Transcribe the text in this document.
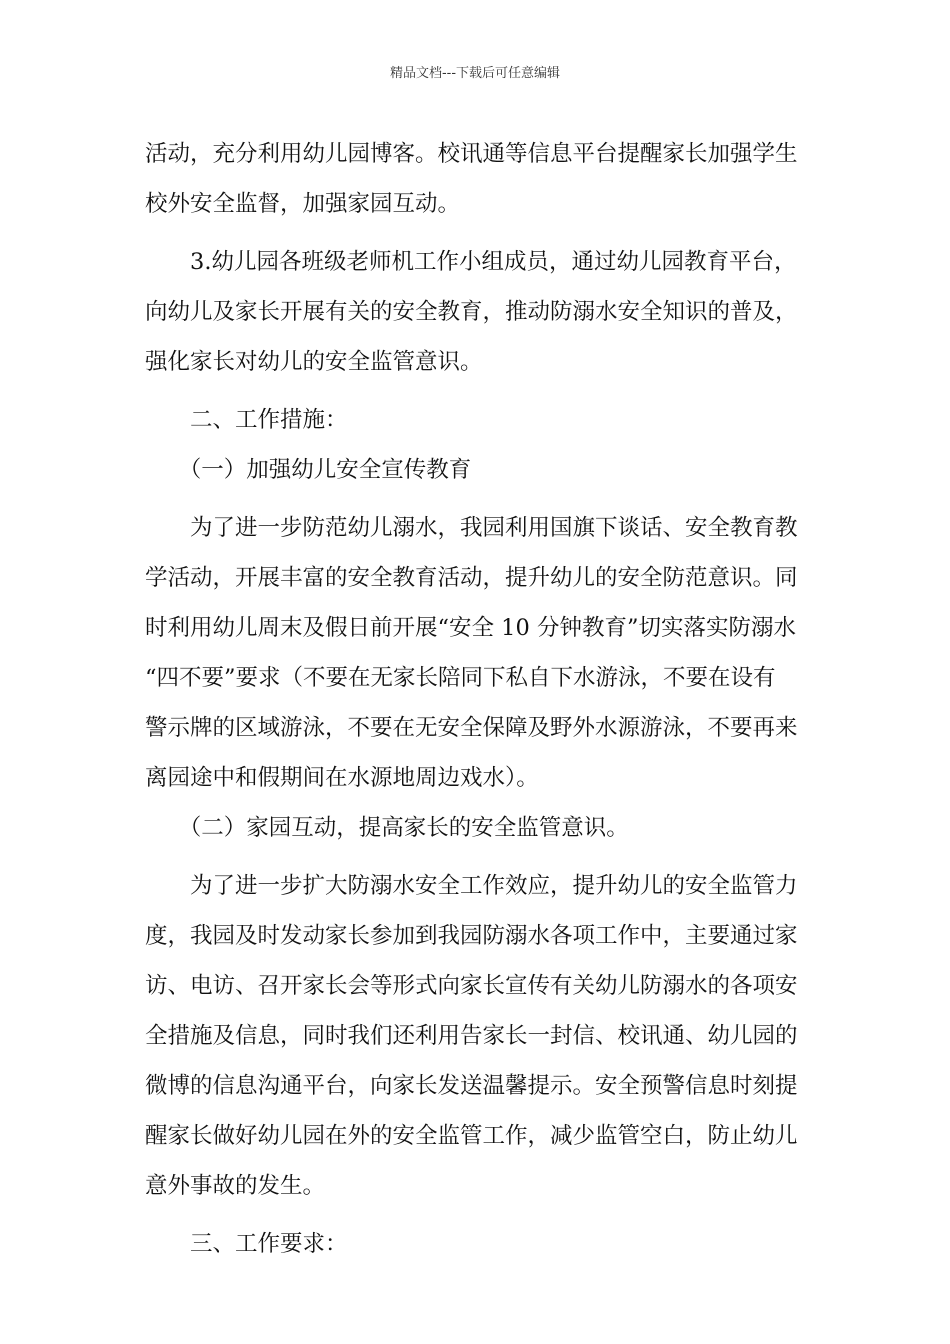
精品文档---下载后可任意编辑
活动，充分利用幼儿园博客。校讯通等信息平台提醒家长加强学生
校外安全监督，加强家园互动。
　　3.幼儿园各班级老师机工作小组成员，通过幼儿园教育平台，
向幼儿及家长开展有关的安全教育，推动防溺水安全知识的普及，
强化家长对幼儿的安全监管意识。
　　二、工作措施：
　　（一）加强幼儿安全宣传教育
　　为了进一步防范幼儿溺水，我园利用国旗下谈话、安全教育教
学活动，开展丰富的安全教育活动，提升幼儿的安全防范意识。同
时利用幼儿周末及假日前开展“安全 10 分钟教育”切实落实防溺水
“四不要”要求（不要在无家长陪同下私自下水游泳，不要在设有
警示牌的区域游泳，不要在无安全保障及野外水源游泳，不要再来
离园途中和假期间在水源地周边戏水）。
　　（二）家园互动，提高家长的安全监管意识。
　　为了进一步扩大防溺水安全工作效应，提升幼儿的安全监管力
度，我园及时发动家长参加到我园防溺水各项工作中，主要通过家
访、电访、召开家长会等形式向家长宣传有关幼儿防溺水的各项安
全措施及信息，同时我们还利用告家长一封信、校讯通、幼儿园的
微博的信息沟通平台，向家长发送温馨提示。安全预警信息时刻提
醒家长做好幼儿园在外的安全监管工作，减少监管空白，防止幼儿
意外事故的发生。
　　三、工作要求：
